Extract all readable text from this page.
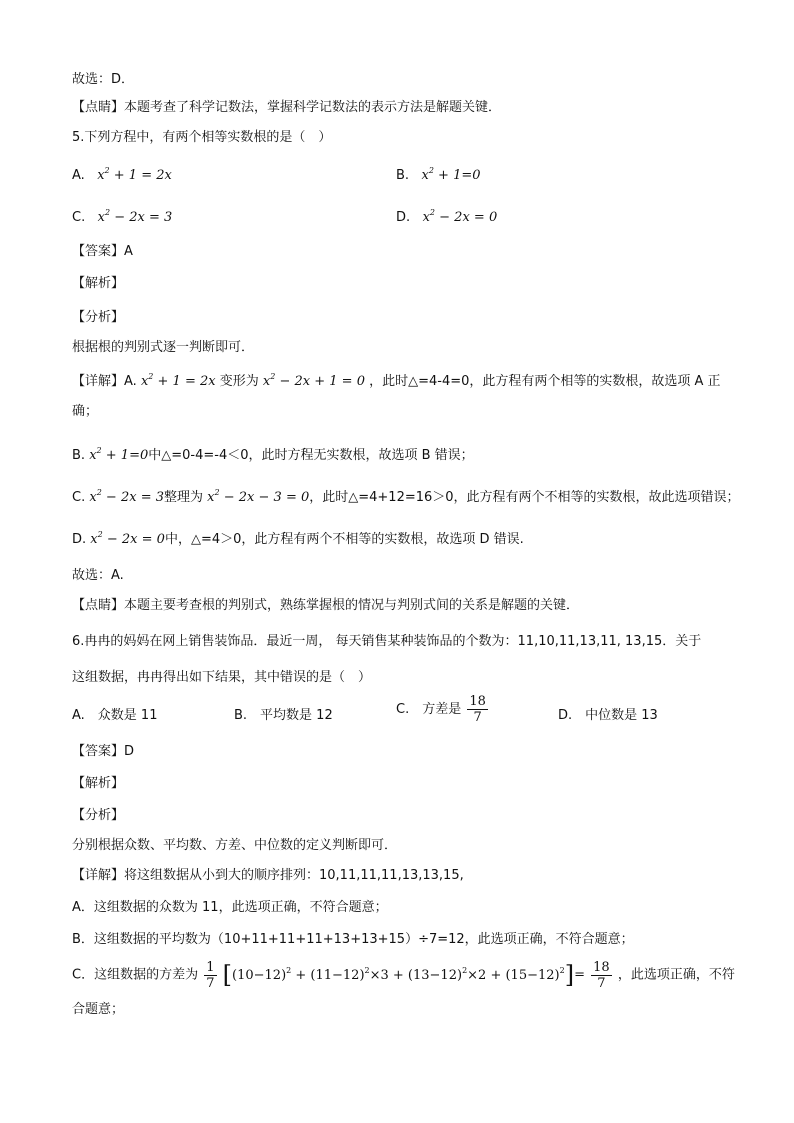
故选：D．
【点睛】本题考查了科学记数法，掌握科学记数法的表示方法是解题关键．
5.下列方程中，有两个相等实数根的是（　）
A. $x^2 + 1 = 2x$	B. $x^2 + 1=0$
C. $x^2 - 2x = 3$	D. $x^2 - 2x = 0$
【答案】A
【解析】
【分析】
根据根的判别式逐一判断即可．
【详解】A. $x^2 + 1 = 2x$ 变形为 $x^2 - 2x + 1 = 0$ ，此时△=4-4=0，此方程有两个相等的实数根，故选项 A 正
确；
B. $x^2 + 1=0$中△=0-4=-4＜0，此时方程无实数根，故选项 B 错误；
C. $x^2 - 2x = 3$整理为 $x^2 - 2x - 3 = 0$，此时△=4+12=16＞0，此方程有两个不相等的实数根，故此选项错误；
D. $x^2 - 2x = 0$中，△=4＞0，此方程有两个不相等的实数根，故选项 D 错误.
故选：A.
【点睛】本题主要考查根的判别式，熟练掌握根的情况与判别式间的关系是解题的关键．
6.冉冉的妈妈在网上销售装饰品．最近一周， 每天销售某种装饰品的个数为：11,10,11,13,11, 13,15．关于
这组数据，冉冉得出如下结果，其中错误的是（　）
A.　众数是 11	B.　平均数是 12	C.　方差是 $\frac{18}{7}$	D.　中位数是 13
【答案】D
【解析】
【分析】
分别根据众数、平均数、方差、中位数的定义判断即可．
【详解】将这组数据从小到大的顺序排列：10,11,11,11,13,13,15,
A．这组数据的众数为 11，此选项正确，不符合题意；
B．这组数据的平均数为（10+11+11+11+13+13+15）÷7=12，此选项正确，不符合题意；
C．这组数据的方差为 $\frac{1}{7} [(10-12)^2 + (11-12)^2\times 3 + (13-12)^2\times 2 + (15-12)^2]= \frac{18}{7}$ ，此选项正确，不符
合题意；
